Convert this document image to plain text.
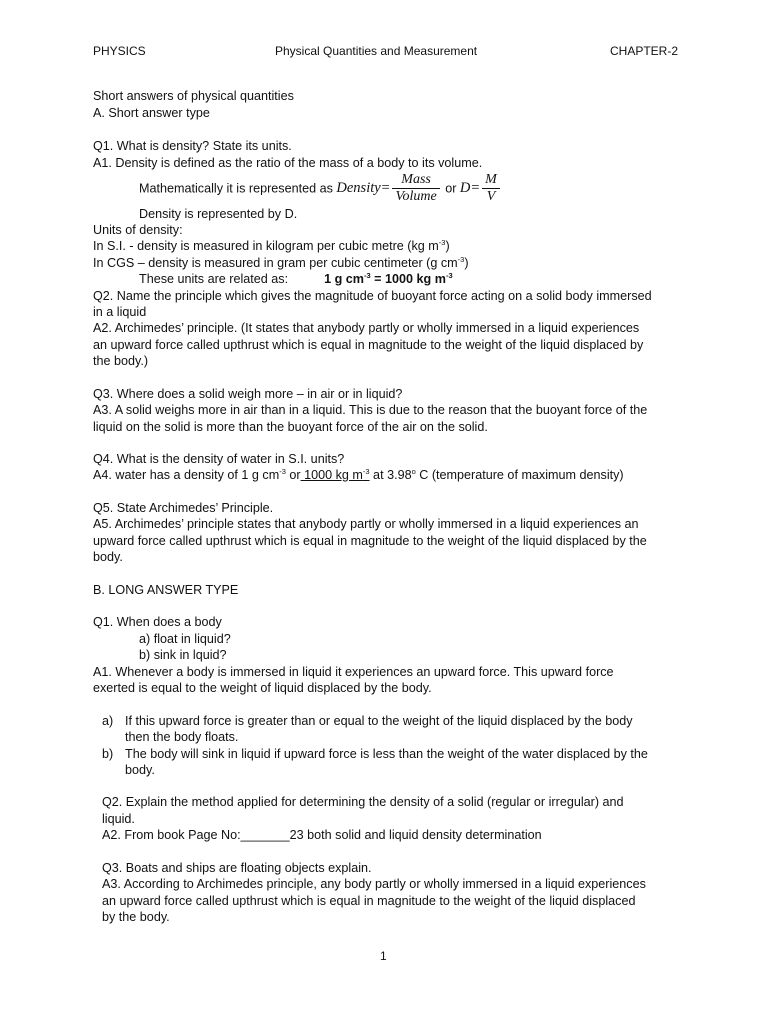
PHYSICS	Physical Quantities and Measurement	CHAPTER-2
Short answers of physical quantities
A. Short answer type
Q1. What is density? State its units.
A1. Density is defined as the ratio of the mass of a body to its volume.
Mathematically it is represented as Density= $\frac{\text{Mass}}{\text{Volume}}$ or $D= \frac{M}{V}$
Density is represented by D.
Units of density:
In S.I. - density is measured in kilogram per cubic metre (kg $m^{-3}$)
In CGS – density is measured in gram per cubic centimeter (g $cm^{-3}$)
These units are related as:	1 g $cm^{-3} = 1000$ kg $m^{-3}$
Q2. Name the principle which gives the magnitude of buoyant force acting on a solid body immersed
in a liquid
A2. Archimedes’ principle. (It states that anybody partly or wholly immersed in a liquid experiences
an upward force called upthrust which is equal in magnitude to the weight of the liquid displaced by
the body.)
Q3. Where does a solid weigh more – in air or in liquid?
A3. A solid weighs more in air than in a liquid. This is due to the reason that the buoyant force of the
liquid on the solid is more than the buoyant force of the air on the solid.
Q4. What is the density of water in S.I. units?
A4. water has a density of 1 g $cm^{-3}$ or 1000 kg $m^{-3}$ at 3.98$^o$ C (temperature of maximum density)
Q5. State Archimedes’ Principle.
A5. Archimedes’ principle states that anybody partly or wholly immersed in a liquid experiences an
upward force called upthrust which is equal in magnitude to the weight of the liquid displaced by the
body.
B. LONG ANSWER TYPE
Q1. When does a body
a) float in liquid?
b) sink in lquid?
A1. Whenever a body is immersed in liquid it experiences an upward force. This upward force
exerted is equal to the weight of liquid displaced by the body.
a) If this upward force is greater than or equal to the weight of the liquid displaced by the body
then the body floats.
b) The body will sink in liquid if upward force is less than the weight of the water displaced by the
body.
Q2. Explain the method applied for determining the density of a solid (regular or irregular) and
liquid.
A2. From book Page No:_______23 both solid and liquid density determination
Q3. Boats and ships are floating objects explain.
A3. According to Archimedes principle, any body partly or wholly immersed in a liquid experiences
an upward force called upthrust which is equal in magnitude to the weight of the liquid displaced
by the body.
1
